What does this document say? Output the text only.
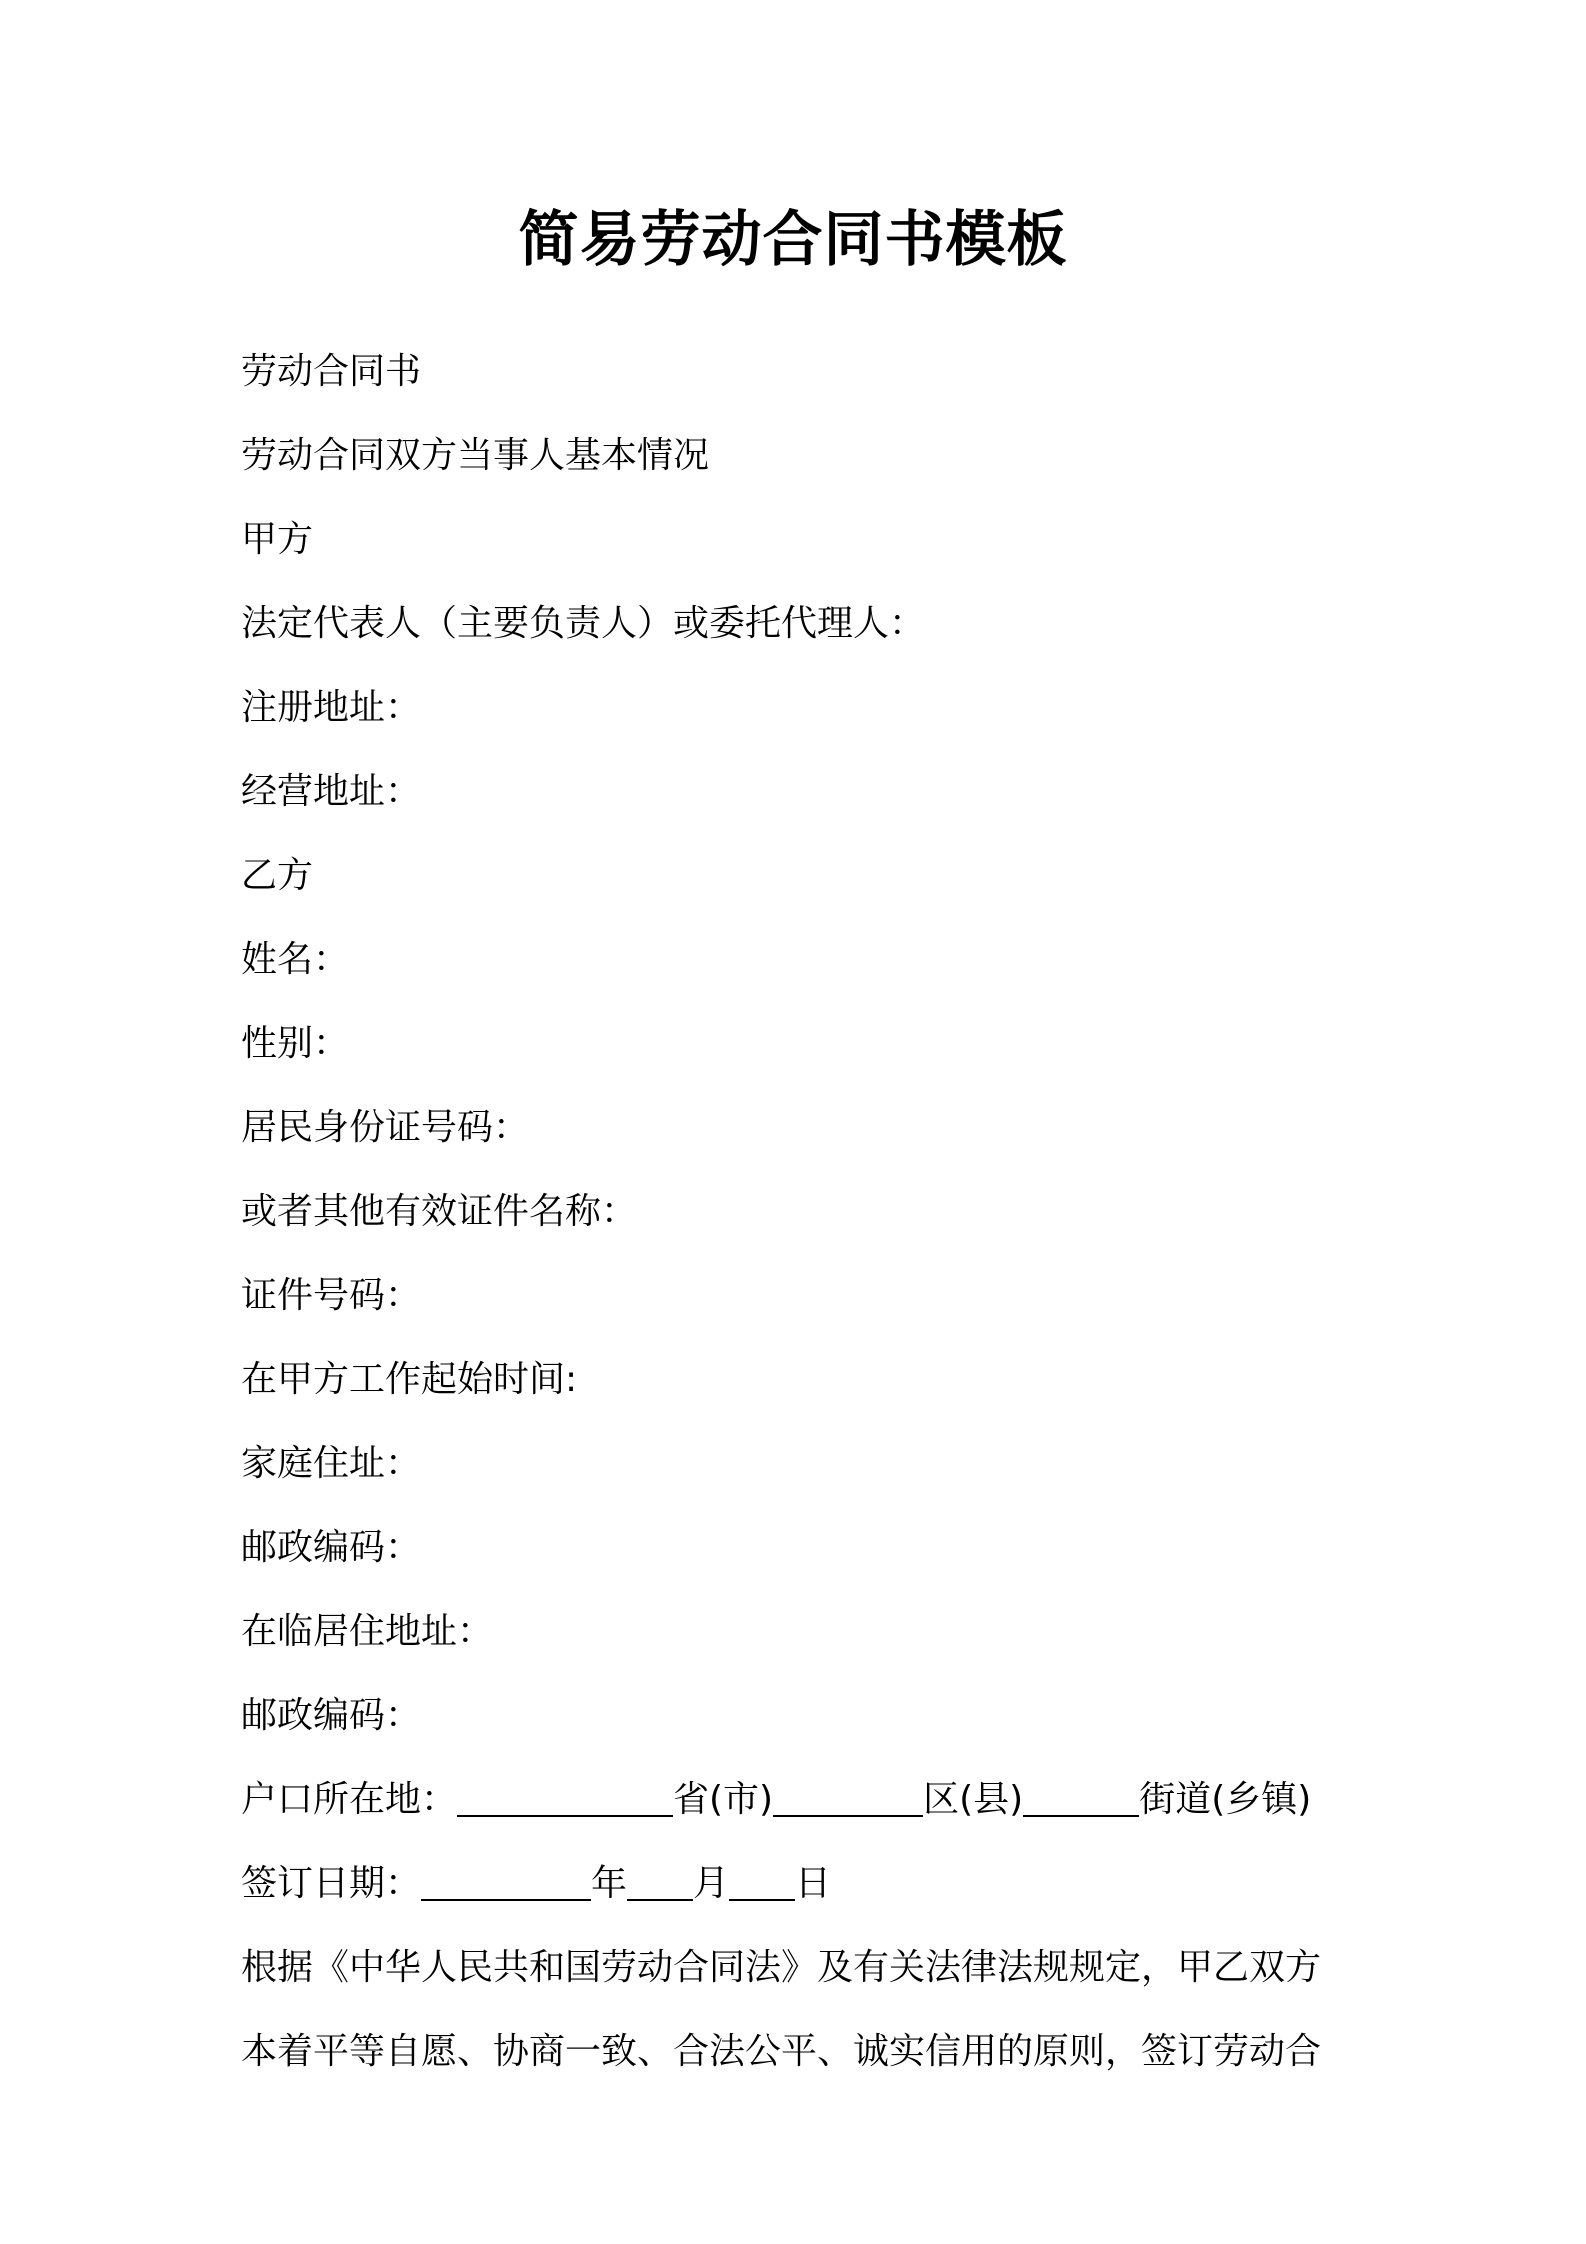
简易劳动合同书模板
劳动合同书
劳动合同双方当事人基本情况
甲方
法定代表人（主要负责人）或委托代理人：
注册地址：
经营地址：
乙方
姓名：
性别：
居民身份证号码：
或者其他有效证件名称：
证件号码：
在甲方工作起始时间:
家庭住址：
邮政编码：
在临居住地址：
邮政编码：
户口所在地：	省(市)	区(县)	街道(乡镇)
签订日期：	年 月 日
根据《中华人民共和国劳动合同法》及有关法律法规规定，甲乙双方
本着平等自愿、协商一致、合法公平、诚实信用的原则，签订劳动合
